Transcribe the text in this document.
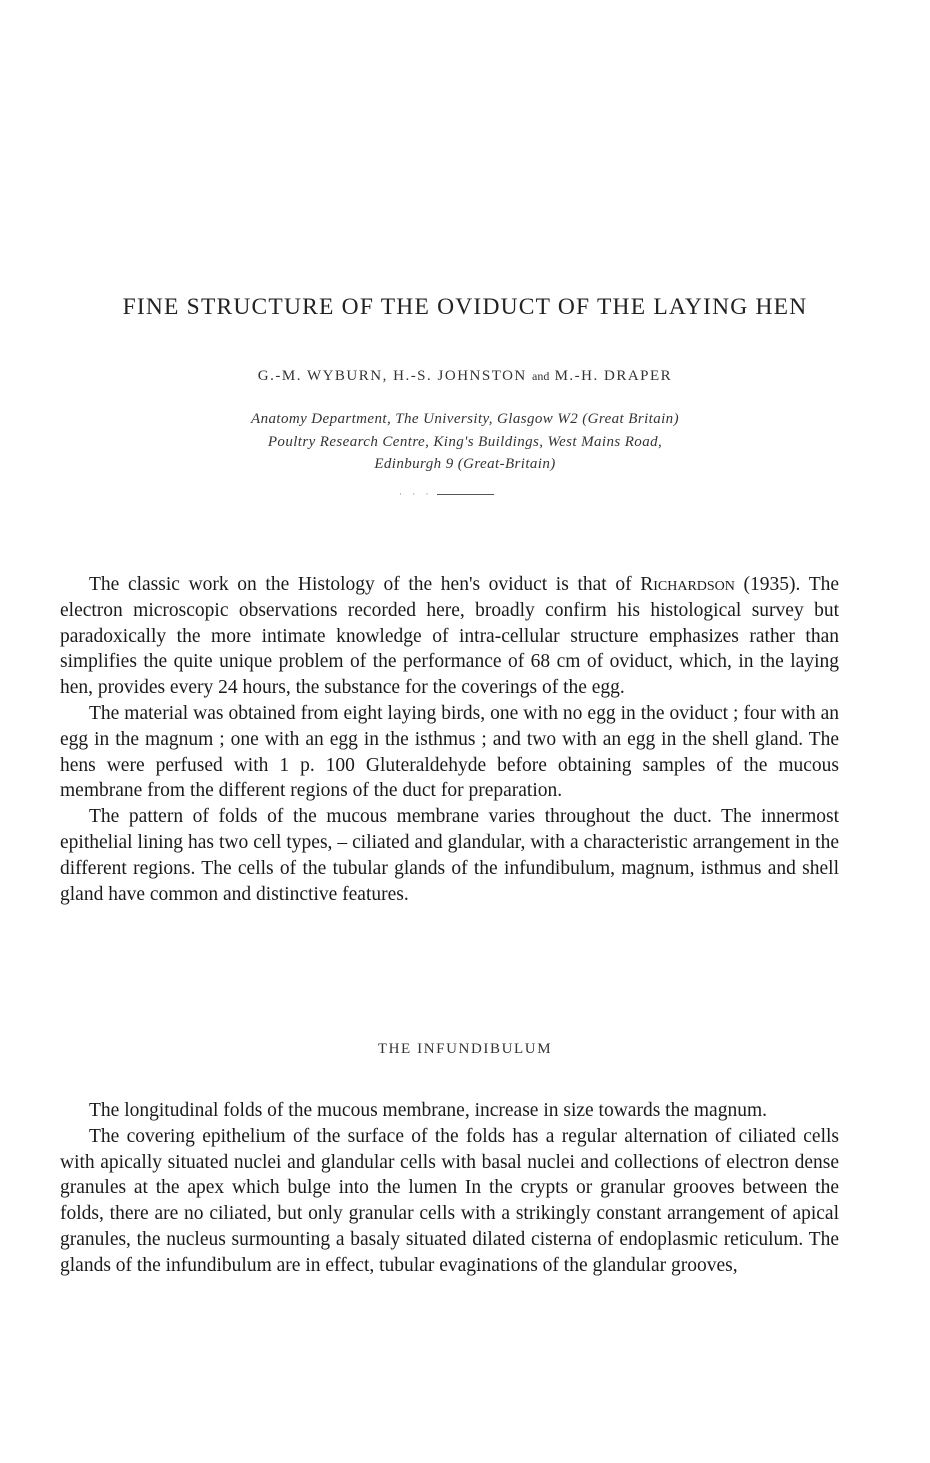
FINE STRUCTURE OF THE OVIDUCT OF THE LAYING HEN
G.-M. WYBURN, H.-S. JOHNSTON and M.-H. DRAPER
Anatomy Department, The University, Glasgow W2 (Great Britain)
Poultry Research Centre, King's Buildings, West Mains Road,
Edinburgh 9 (Great-Britain)
· · ·

The classic work on the Histology of the hen's oviduct is that of Richardson (1935). The electron microscopic observations recorded here, broadly confirm his histological survey but paradoxically the more intimate knowledge of intra-cellular structure emphasizes rather than simplifies the quite unique problem of the performance of 68 cm of oviduct, which, in the laying hen, provides every 24 hours, the substance for the coverings of the egg.

The material was obtained from eight laying birds, one with no egg in the oviduct ; four with an egg in the magnum ; one with an egg in the isthmus ; and two with an egg in the shell gland. The hens were perfused with 1 p. 100 Gluteraldehyde before obtaining samples of the mucous membrane from the different regions of the duct for preparation.

The pattern of folds of the mucous membrane varies throughout the duct. The innermost epithelial lining has two cell types, – ciliated and glandular, with a characteristic arrangement in the different regions. The cells of the tubular glands of the infundibulum, magnum, isthmus and shell gland have common and distinctive features.

THE INFUNDIBULUM

The longitudinal folds of the mucous membrane, increase in size towards the magnum.

The covering epithelium of the surface of the folds has a regular alternation of ciliated cells with apically situated nuclei and glandular cells with basal nuclei and collections of electron dense granules at the apex which bulge into the lumen In the crypts or granular grooves between the folds, there are no ciliated, but only granular cells with a strikingly constant arrangement of apical granules, the nucleus surmounting a basaly situated dilated cisterna of endoplasmic reticulum. The glands of the infundibulum are in effect, tubular evaginations of the glandular grooves,
